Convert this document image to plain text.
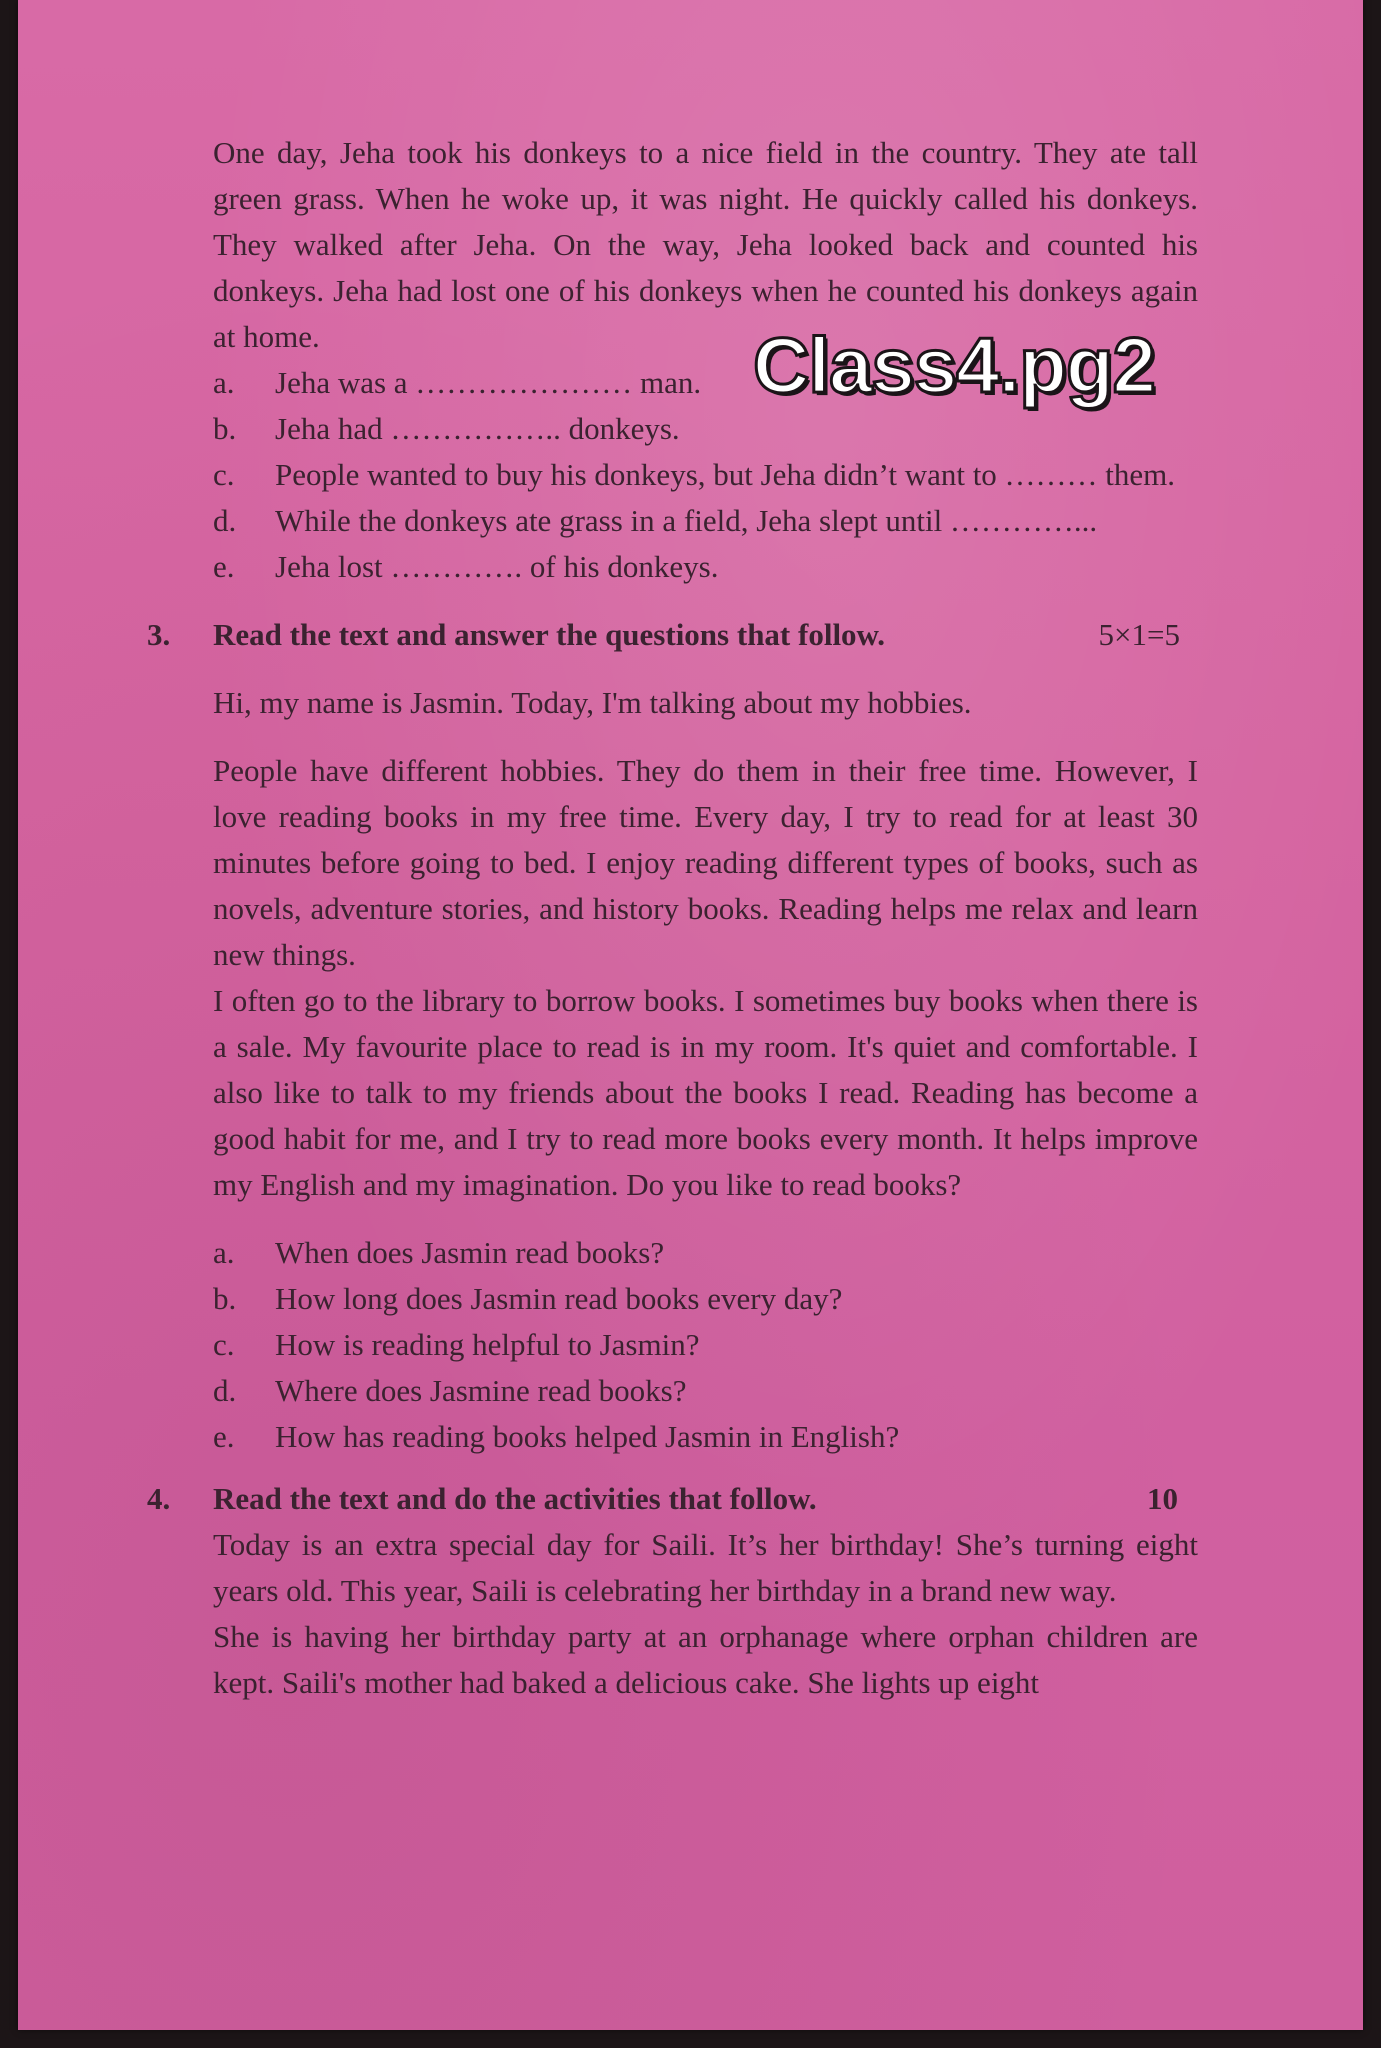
One day, Jeha took his donkeys to a nice field in the country. They ate tall green grass. When he woke up, it was night. He quickly called his donkeys. They walked after Jeha. On the way, Jeha looked back and counted his donkeys. Jeha had lost one of his donkeys when he counted his donkeys again at home.

a. Jeha was a ………………… man.
b. Jeha had …………….. donkeys.
c. People wanted to buy his donkeys, but Jeha didn’t want to ……… them.
d. While the donkeys ate grass in a field, Jeha slept until …………...
e. Jeha lost …………. of his donkeys.

3. Read the text and answer the questions that follow.	5×1=5

Hi, my name is Jasmin. Today, I'm talking about my hobbies.

People have different hobbies. They do them in their free time. However, I love reading books in my free time. Every day, I try to read for at least 30 minutes before going to bed. I enjoy reading different types of books, such as novels, adventure stories, and history books. Reading helps me relax and learn new things.

I often go to the library to borrow books. I sometimes buy books when there is a sale. My favourite place to read is in my room. It's quiet and comfortable. I also like to talk to my friends about the books I read. Reading has become a good habit for me, and I try to read more books every month. It helps improve my English and my imagination. Do you like to read books?

a. When does Jasmin read books?
b. How long does Jasmin read books every day?
c. How is reading helpful to Jasmin?
d. Where does Jasmine read books?
e. How has reading books helped Jasmin in English?

4. Read the text and do the activities that follow.	10

Today is an extra special day for Saili. It’s her birthday! She’s turning eight years old. This year, Saili is celebrating her birthday in a brand new way.

She is having her birthday party at an orphanage where orphan children are kept. Saili's mother had baked a delicious cake. She lights up eight

Class4.pg2
